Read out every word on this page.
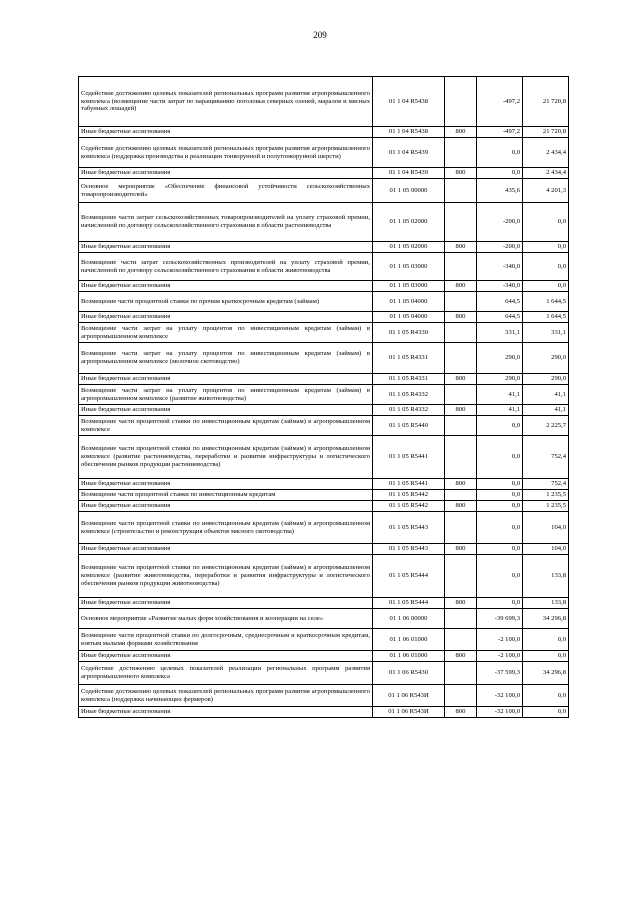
209
Содействие достижению целевых показателей региональных программ развития агропромышленного комплекса (возмещение части затрат по наращиванию поголовья северных оленей, маралов и мясных табунных лошадей)	01 1 04 R5438		-497,2	21 720,8
Иные бюджетные ассигнования	01 1 04 R5438	800	-497,2	21 720,8
Содействие достижению целевых показателей региональных программ развития агропромышленного комплекса (поддержка производства и реализации тонкорунной и полутонкорунной шерсти)	01 1 04 R5439		0,0	2 434,4
Иные бюджетные ассигнования	01 1 04 R5439	800	0,0	2 434,4
Основное мероприятие «Обеспечение финансовой устойчивости сельскохозяйственных товаропроизводителей»	01 1 05 00000		435,6	4 201,3
Возмещение части затрат сельскохозяйственных товаропроизводителей на уплату страховой премии, начисленной по договору сельскохозяйственного страхования в области растениеводства	01 1 05 02000		-200,0	0,0
Иные бюджетные ассигнования	01 1 05 02000	800	-200,0	0,0
Возмещение части затрат сельскохозяйственных производителей на уплату страховой премии, начисленной по договору сельскохозяйственного страхования в области животноводства	01 1 05 03000		-340,0	0,0
Иные бюджетные ассигнования	01 1 05 03000	800	-340,0	0,0
Возмещение части процентной ставки по прочим краткосрочным кредитам (займам)	01 1 05 04000		644,5	1 644,5
Иные бюджетные ассигнования	01 1 05 04000	800	644,5	1 644,5
Возмещение части затрат на уплату процентов по инвестиционным кредитам (займам) в агропромышленном комплексе	01 1 05 R4330		331,1	331,1
Возмещение части затрат на уплату процентов по инвестиционным кредитам (займам) в агропромышленном комплексе (молочное скотоводство)	01 1 05 R4331		290,0	290,0
Иные бюджетные ассигнования	01 1 05 R4331	800	290,0	290,0
Возмещение части затрат на уплату процентов по инвестиционным кредитам (займам) в агропромышленном комплексе (развитие животноводства)	01 1 05 R4332		41,1	41,1
Иные бюджетные ассигнования	01 1 05 R4332	800	41,1	41,1
Возмещение части процентной ставки по инвестиционным кредитам (займам) в агропромышленном комплексе	01 1 05 R5440		0,0	2 225,7
Возмещение части процентной ставки по инвестиционным кредитам (займам) в агропромышленном комплексе (развитие растениеводства, переработки и развития инфраструктуры и логистического обеспечения рынков продукции растениеводства)	01 1 05 R5441		0,0	752,4
Иные бюджетные ассигнования	01 1 05 R5441	800	0,0	752,4
Возмещение части процентной ставки по инвестиционным кредитам	01 1 05 R5442		0,0	1 235,5
Иные бюджетные ассигнования	01 1 05 R5442	800	0,0	1 235,5
Возмещение части процентной ставки по инвестиционным кредитам (займам) в агропромышленном комплексе (строительство и реконструкция объектов мясного скотоводства)	01 1 05 R5443		0,0	104,0
Иные бюджетные ассигнования	01 1 05 R5443	800	0,0	104,0
Возмещение части процентной ставки по инвестиционным кредитам (займам) в агропромышленном комплексе (развитие животноводства, переработки и развития инфраструктуры и логистического обеспечения рынков продукции животноводства)	01 1 05 R5444		0,0	133,8
Иные бюджетные ассигнования	01 1 05 R5444	800	0,0	133,8
Основное мероприятие «Развитие малых форм хозяйствования и кооперации на селе»	01 1 06 00000		-39 699,3	34 296,8
Возмещение части процентной ставки по долгосрочным, среднесрочным и краткосрочным кредитам, взятым малыми формами хозяйствования	01 1 06 01000		-2 100,0	0,0
Иные бюджетные ассигнования	01 1 06 01000	800	-2 100,0	0,0
Содействие достижению целевых показателей реализации региональных программ развития агропромышленного комплекса	01 1 06 R5430		-37 599,3	34 296,8
Содействие достижению целевых показателей региональных программ развития агропромышленного комплекса (поддержка начинающих фермеров)	01 1 06 R543И		-32 100,0	0,0
Иные бюджетные ассигнования	01 1 06 R543И	800	-32 100,0	0,0
